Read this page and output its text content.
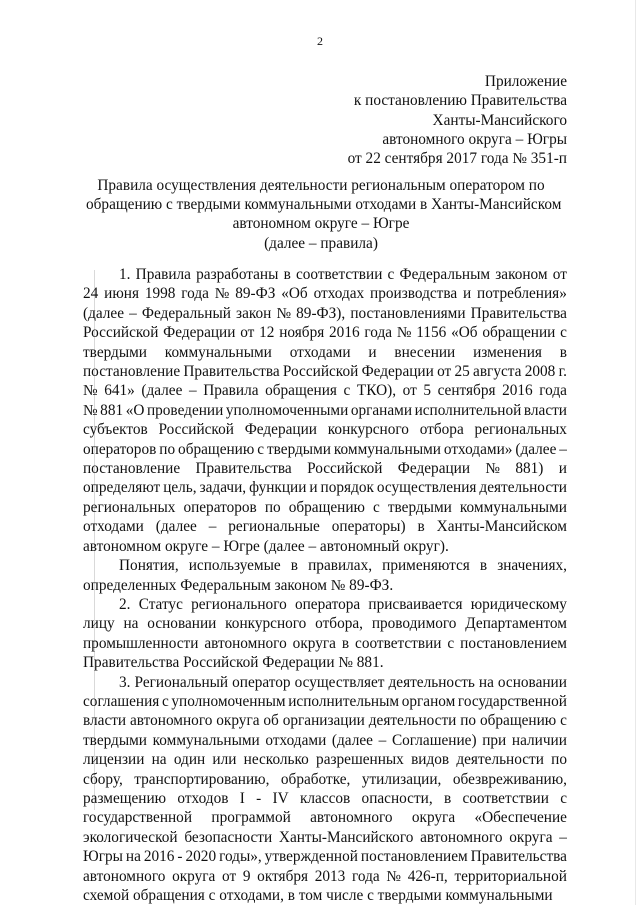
2
Приложение
к постановлению Правительства
Ханты-Мансийского
автономного округа – Югры
от 22 сентября 2017 года № 351-п
Правила осуществления деятельности региональным оператором по
обращению с твердыми коммунальными отходами в Ханты-Мансийском
автономном округе – Югре
(далее – правила)

1. Правила разработаны в соответствии с Федеральным законом от
24 июня 1998 года № 89-ФЗ «Об отходах производства и потребления»
(далее – Федеральный закон № 89-ФЗ), постановлениями Правительства
Российской Федерации от 12 ноября 2016 года № 1156 «Об обращении с
твердыми коммунальными отходами и внесении изменения в
постановление Правительства Российской Федерации от 25 августа 2008 г.
№ 641» (далее – Правила обращения с ТКО), от 5 сентября 2016 года
№ 881 «О проведении уполномоченными органами исполнительной власти
субъектов Российской Федерации конкурсного отбора региональных
операторов по обращению с твердыми коммунальными отходами» (далее –
постановление Правительства Российской Федерации № 881) и
определяют цель, задачи, функции и порядок осуществления деятельности
региональных операторов по обращению с твердыми коммунальными
отходами (далее – региональные операторы) в Ханты-Мансийском
автономном округе – Югре (далее – автономный округ).

Понятия, используемые в правилах, применяются в значениях,
определенных Федеральным законом № 89-ФЗ.

2. Статус регионального оператора присваивается юридическому
лицу на основании конкурсного отбора, проводимого Департаментом
промышленности автономного округа в соответствии с постановлением
Правительства Российской Федерации № 881.

3. Региональный оператор осуществляет деятельность на основании
соглашения с уполномоченным исполнительным органом государственной
власти автономного округа об организации деятельности по обращению с
твердыми коммунальными отходами (далее – Соглашение) при наличии
лицензии на один или несколько разрешенных видов деятельности по
сбору, транспортированию, обработке, утилизации, обезвреживанию,
размещению отходов I - IV классов опасности, в соответствии с
государственной программой автономного округа «Обеспечение
экологической безопасности Ханты-Мансийского автономного округа –
Югры на 2016 - 2020 годы», утвержденной постановлением Правительства
автономного округа от 9 октября 2013 года № 426-п, территориальной
схемой обращения с отходами, в том числе с твердыми коммунальными
